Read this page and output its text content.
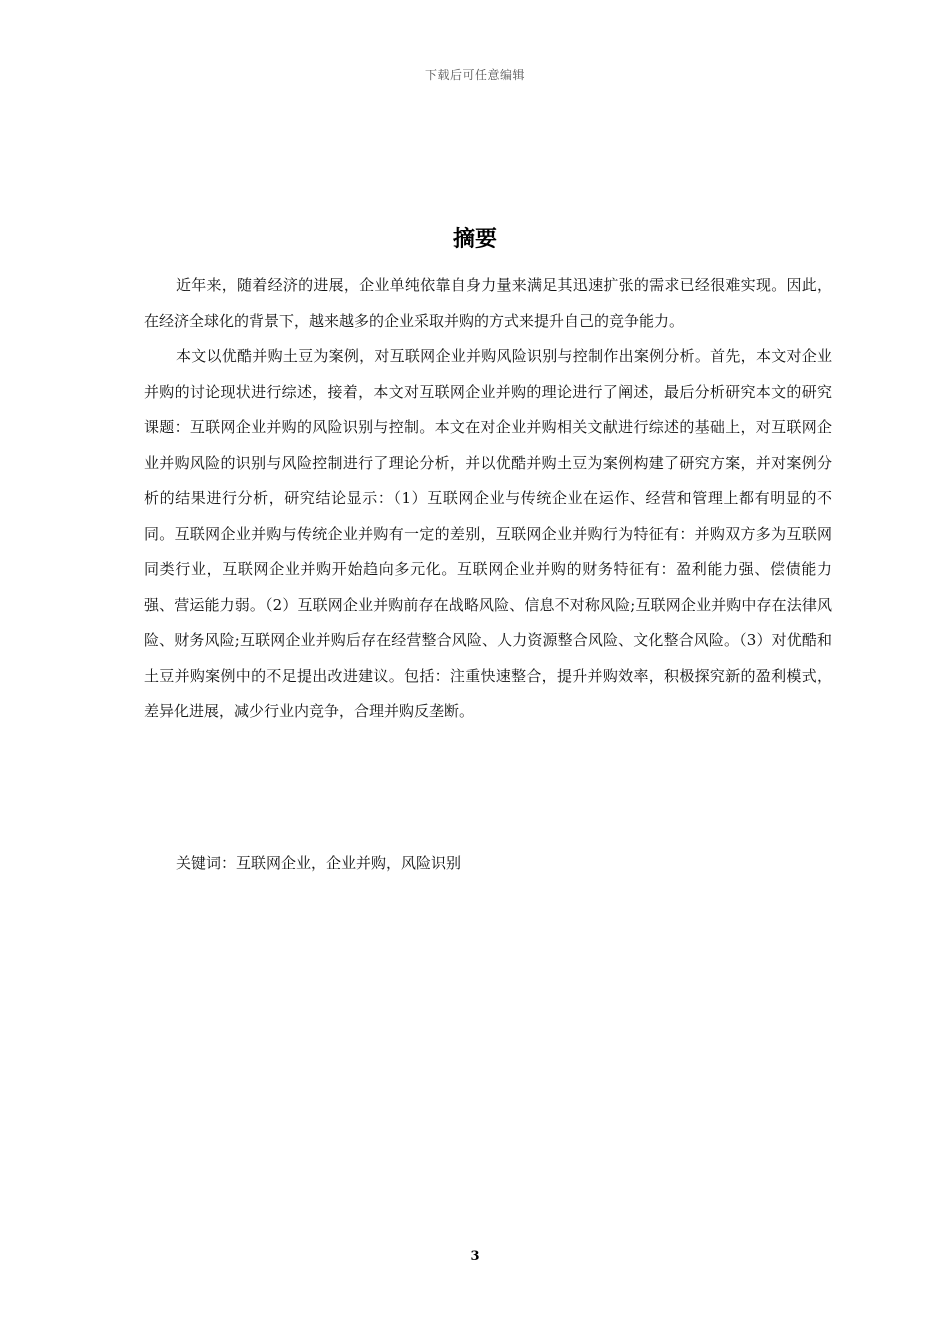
下载后可任意编辑
摘要

近年来，随着经济的进展，企业单纯依靠自身力量来满足其迅速扩张的需求已经很难实现。因此，在经济全球化的背景下，越来越多的企业采取并购的方式来提升自己的竞争能力。

本文以优酷并购土豆为案例，对互联网企业并购风险识别与控制作出案例分析。首先，本文对企业并购的讨论现状进行综述，接着，本文对互联网企业并购的理论进行了阐述，最后分析研究本文的研究课题：互联网企业并购的风险识别与控制。本文在对企业并购相关文献进行综述的基础上，对互联网企业并购风险的识别与风险控制进行了理论分析，并以优酷并购土豆为案例构建了研究方案，并对案例分析的结果进行分析，研究结论显示：（1）互联网企业与传统企业在运作、经营和管理上都有明显的不同。互联网企业并购与传统企业并购有一定的差别，互联网企业并购行为特征有：并购双方多为互联网同类行业，互联网企业并购开始趋向多元化。互联网企业并购的财务特征有：盈利能力强、偿债能力强、营运能力弱。（2）互联网企业并购前存在战略风险、信息不对称风险;互联网企业并购中存在法律风险、财务风险;互联网企业并购后存在经营整合风险、人力资源整合风险、文化整合风险。（3）对优酷和土豆并购案例中的不足提出改进建议。包括：注重快速整合，提升并购效率，积极探究新的盈利模式，差异化进展，减少行业内竞争，合理并购反垄断。

关键词：互联网企业，企业并购，风险识别
3
